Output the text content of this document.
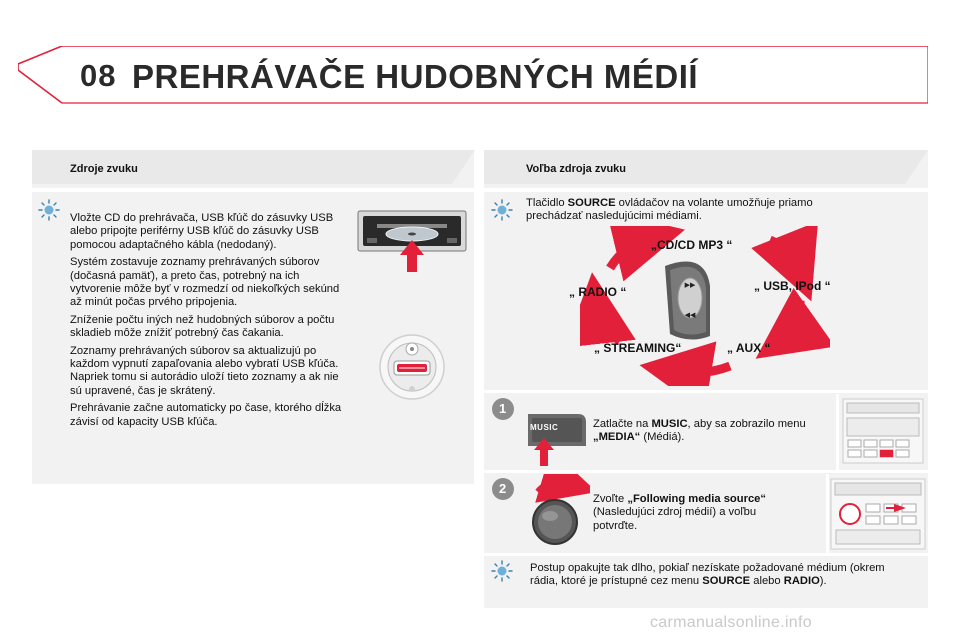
08 PREHRÁVAČE HUDOBNÝCH MÉDIÍ
Zdroje zvuku

Vložte CD do prehrávača, USB kľúč do zásuvky USB alebo pripojte periférny USB kľúč do zásuvky USB pomocou adaptačného kábla (nedodaný).

Systém zostavuje zoznamy prehrávaných súborov (dočasná pamäť), a preto čas, potrebný na ich vytvorenie môže byť v rozmedzí od niekoľkých sekúnd až minút počas prvého pripojenia.

Zníženie počtu iných než hudobných súborov a počtu skladieb môže znížiť potrebný čas čakania.

Zoznamy prehrávaných súborov sa aktualizujú po každom vypnutí zapaľovania alebo vybratí USB kľúča. Napriek tomu si autorádio uloží tieto zoznamy a ak nie sú upravené, čas je skrátený.

Prehrávanie začne automaticky po čase, ktorého dĺžka závisí od kapacity USB kľúča.

Voľba zdroja zvuku
Tlačidlo SOURCE ovládačov na volante umožňuje priamo prechádzať nasledujúcimi médiami.
▶▶
◀◀
„CD/CD MP3 “
„ USB, IPod “
„ RADIO “
„ AUX “
„ STREAMING“
1
MUSIC	Zatlačte na MUSIC, aby sa zobrazilo menu „MEDIA“ (Médiá).
2
Zvoľte „Following media source“ (Nasledujúci zdroj médií) a voľbu potvrďte.
Postup opakujte tak dlho, pokiaľ nezískate požadované médium (okrem rádia, ktoré je prístupné cez menu SOURCE alebo RADIO).
carmanualsonline.info
